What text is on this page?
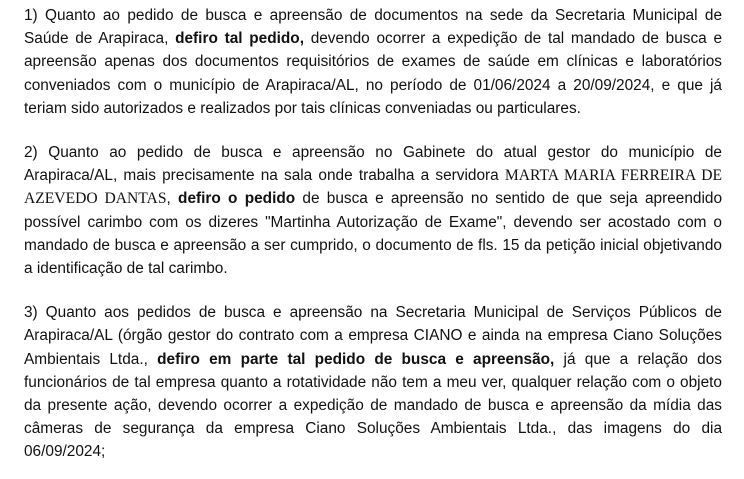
1) Quanto ao pedido de busca e apreensão de documentos na sede da Secretaria Municipal de Saúde de Arapiraca, defiro tal pedido, devendo ocorrer a expedição de tal mandado de busca e apreensão apenas dos documentos requisitórios de exames de saúde em clínicas e laboratórios conveniados com o município de Arapiraca/AL, no período de 01/06/2024 a 20/09/2024, e que já teriam sido autorizados e realizados por tais clínicas conveniadas ou particulares.

2) Quanto ao pedido de busca e apreensão no Gabinete do atual gestor do município de Arapiraca/AL, mais precisamente na sala onde trabalha a servidora MARTA MARIA FERREIRA DE AZEVEDO DANTAS, defiro o pedido de busca e apreensão no sentido de que seja apreendido possível carimbo com os dizeres "Martinha Autorização de Exame", devendo ser acostado com o mandado de busca e apreensão a ser cumprido, o documento de fls. 15 da petição inicial objetivando a identificação de tal carimbo.

3) Quanto aos pedidos de busca e apreensão na Secretaria Municipal de Serviços Públicos de Arapiraca/AL (órgão gestor do contrato com a empresa CIANO e ainda na empresa Ciano Soluções Ambientais Ltda., defiro em parte tal pedido de busca e apreensão, já que a relação dos funcionários de tal empresa quanto a rotatividade não tem a meu ver, qualquer relação com o objeto da presente ação, devendo ocorrer a expedição de mandado de busca e apreensão da mídia das câmeras de segurança da empresa Ciano Soluções Ambientais Ltda., das imagens do dia 06/09/2024;
